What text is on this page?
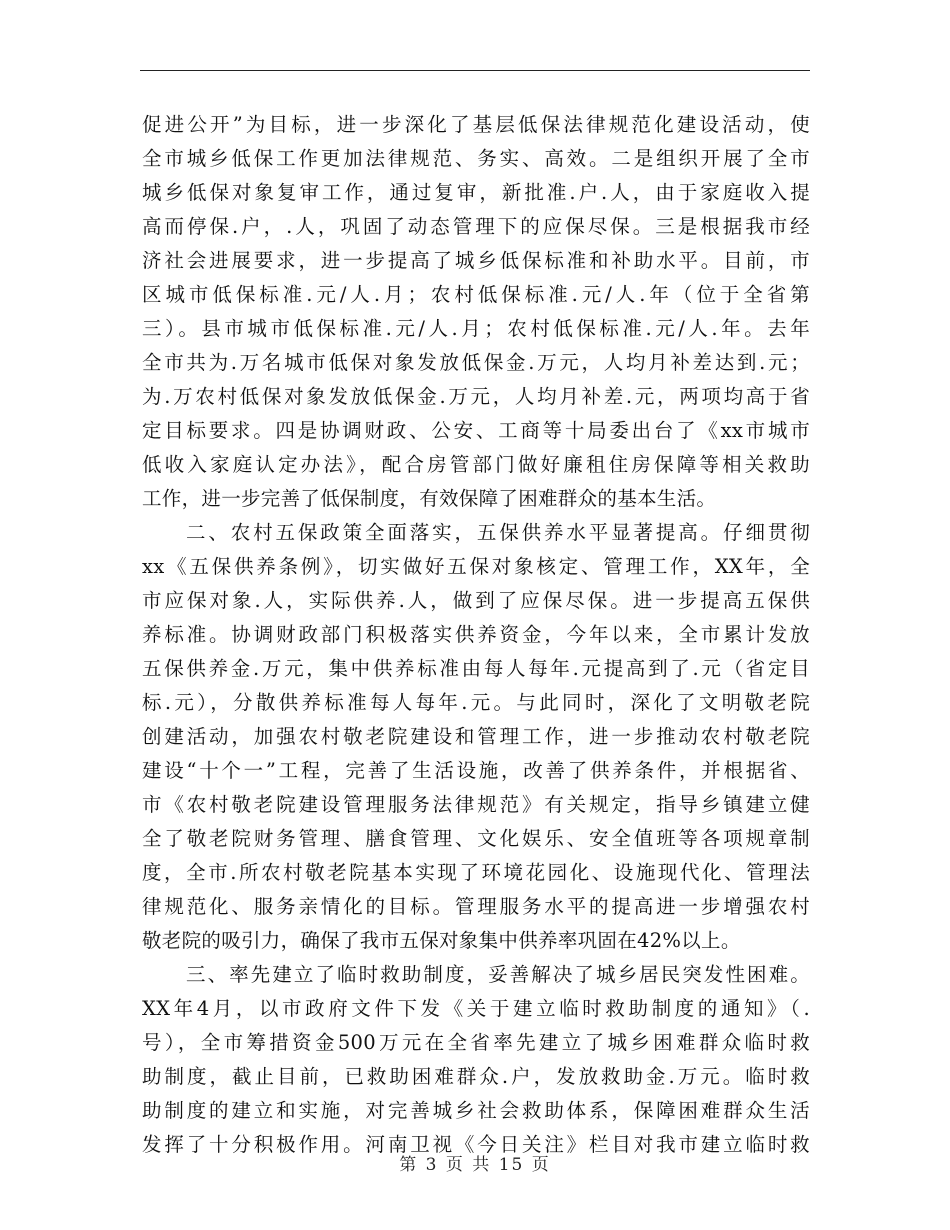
促进公开”为目标，进一步深化了基层低保法律规范化建设活动，使
全市城乡低保工作更加法律规范、务实、高效。二是组织开展了全市
城乡低保对象复审工作，通过复审，新批准.户.人，由于家庭收入提
高而停保.户，.人，巩固了动态管理下的应保尽保。三是根据我市经
济社会进展要求，进一步提高了城乡低保标准和补助水平。目前，市
区城市低保标准.元/人.月；农村低保标准.元/人.年（位于全省第
三）。县市城市低保标准.元/人.月；农村低保标准.元/人.年。去年
全市共为.万名城市低保对象发放低保金.万元，人均月补差达到.元；
为.万农村低保对象发放低保金.万元，人均月补差.元，两项均高于省
定目标要求。四是协调财政、公安、工商等十局委出台了《xx市城市
低收入家庭认定办法》，配合房管部门做好廉租住房保障等相关救助
工作，进一步完善了低保制度，有效保障了困难群众的基本生活。
二、农村五保政策全面落实，五保供养水平显著提高。仔细贯彻
xx《五保供养条例》，切实做好五保对象核定、管理工作，XX年，全
市应保对象.人，实际供养.人，做到了应保尽保。进一步提高五保供
养标准。协调财政部门积极落实供养资金，今年以来，全市累计发放
五保供养金.万元，集中供养标准由每人每年.元提高到了.元（省定目
标.元），分散供养标准每人每年.元。与此同时，深化了文明敬老院
创建活动，加强农村敬老院建设和管理工作，进一步推动农村敬老院
建设“十个一”工程，完善了生活设施，改善了供养条件，并根据省、
市《农村敬老院建设管理服务法律规范》有关规定，指导乡镇建立健
全了敬老院财务管理、膳食管理、文化娱乐、安全值班等各项规章制
度，全市.所农村敬老院基本实现了环境花园化、设施现代化、管理法
律规范化、服务亲情化的目标。管理服务水平的提高进一步增强农村
敬老院的吸引力，确保了我市五保对象集中供养率巩固在42%以上。
三、率先建立了临时救助制度，妥善解决了城乡居民突发性困难。
XX年4月，以市政府文件下发《关于建立临时救助制度的通知》（.
号），全市筹措资金500万元在全省率先建立了城乡困难群众临时救
助制度，截止目前，已救助困难群众.户，发放救助金.万元。临时救
助制度的建立和实施，对完善城乡社会救助体系，保障困难群众生活
发挥了十分积极作用。河南卫视《今日关注》栏目对我市建立临时救
第 3 页 共 15 页
